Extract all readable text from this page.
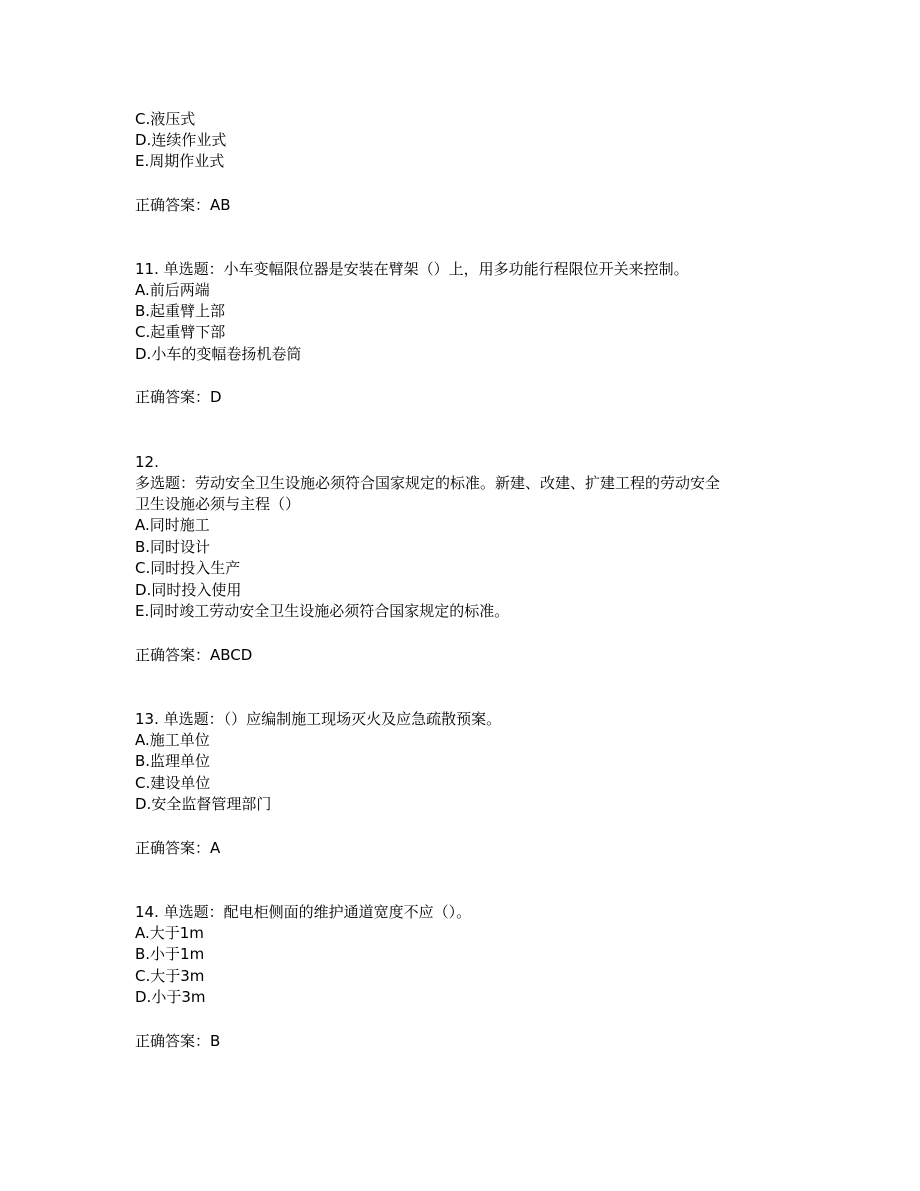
C.液压式
D.连续作业式
E.周期作业式
正确答案：AB
11. 单选题：小车变幅限位器是安装在臂架（）上，用多功能行程限位开关来控制。
A.前后两端
B.起重臂上部
C.起重臂下部
D.小车的变幅卷扬机卷筒
正确答案：D
12.
多选题：劳动安全卫生设施必须符合国家规定的标准。新建、改建、扩建工程的劳动安全
卫生设施必须与主程（）
A.同时施工
B.同时设计
C.同时投入生产
D.同时投入使用
E.同时竣工劳动安全卫生设施必须符合国家规定的标准。
正确答案：ABCD
13. 单选题：（）应编制施工现场灭火及应急疏散预案。
A.施工单位
B.监理单位
C.建设单位
D.安全监督管理部门
正确答案：A
14. 单选题：配电柜侧面的维护通道宽度不应（）。
A.大于1m
B.小于1m
C.大于3m
D.小于3m
正确答案：B
